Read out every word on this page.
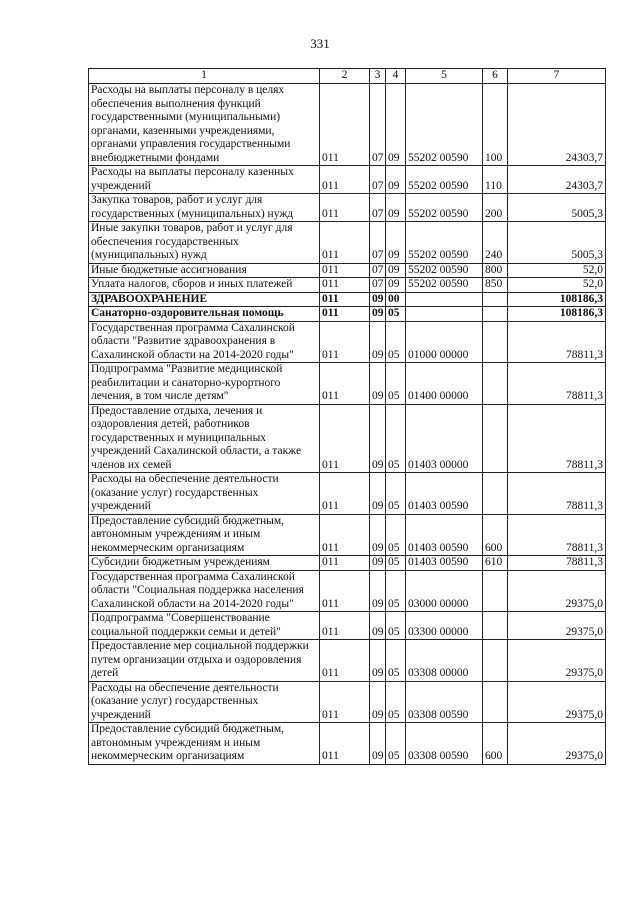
331
1	2	3	4	5	6	7
Расходы на выплаты персоналу в целях обеспечения выполнения функций государственными (муниципальными) органами, казенными учреждениями, органами управления государственными внебюджетными фондами	011	07	09	55202 00590	100	24303,7
Расходы на выплаты персоналу казенных учреждений	011	07	09	55202 00590	110	24303,7
Закупка товаров, работ и услуг для государственных (муниципальных) нужд	011	07	09	55202 00590	200	5005,3
Иные закупки товаров, работ и услуг для обеспечения государственных (муниципальных) нужд	011	07	09	55202 00590	240	5005,3
Иные бюджетные ассигнования	011	07	09	55202 00590	800	52,0
Уплата налогов, сборов и иных платежей	011	07	09	55202 00590	850	52,0
ЗДРАВООХРАНЕНИЕ	011	09	00			108186,3
Санаторно-оздоровительная помощь	011	09	05			108186,3
Государственная программа Сахалинской области "Развитие здравоохранения в Сахалинской области на 2014-2020 годы"	011	09	05	01000 00000		78811,3
Подпрограмма "Развитие медицинской реабилитации и санаторно-курортного лечения, в том числе детям"	011	09	05	01400 00000		78811,3
Предоставление отдыха, лечения и оздоровления детей, работников государственных и муниципальных учреждений Сахалинской области, а также членов их семей	011	09	05	01403 00000		78811,3
Расходы на обеспечение деятельности (оказание услуг) государственных учреждений	011	09	05	01403 00590		78811,3
Предоставление субсидий бюджетным, автономным учреждениям и иным некоммерческим организациям	011	09	05	01403 00590	600	78811,3
Субсидии бюджетным учреждениям	011	09	05	01403 00590	610	78811,3
Государственная программа Сахалинской области "Социальная поддержка населения Сахалинской области на 2014-2020 годы"	011	09	05	03000 00000		29375,0
Подпрограмма "Совершенствование социальной поддержки семьи и детей"	011	09	05	03300 00000		29375,0
Предоставление мер социальной поддержки путем организации отдыха и оздоровления детей	011	09	05	03308 00000		29375,0
Расходы на обеспечение деятельности (оказание услуг) государственных учреждений	011	09	05	03308 00590		29375,0
Предоставление субсидий бюджетным, автономным учреждениям и иным некоммерческим организациям	011	09	05	03308 00590	600	29375,0
